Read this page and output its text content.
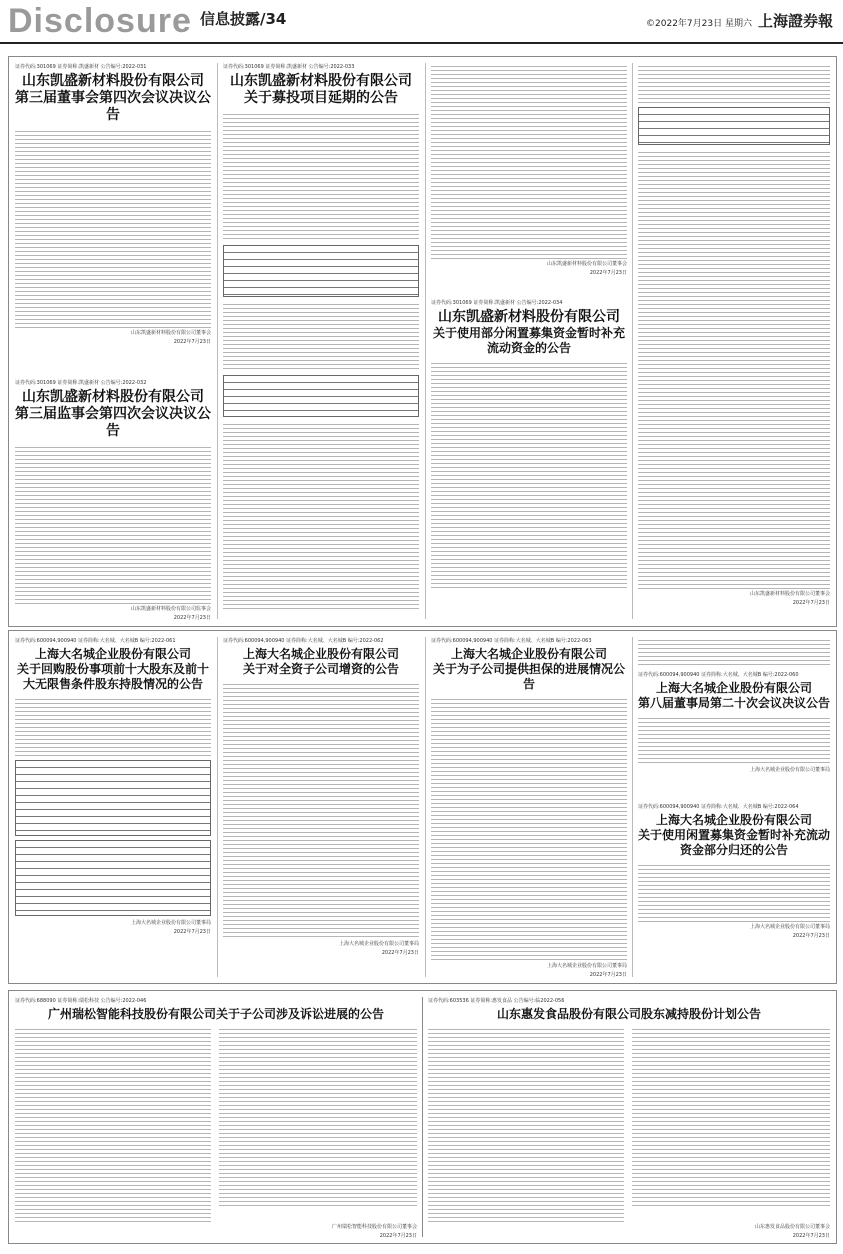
Disclosure 信息披露/34	©2022年7月23日 星期六 上海證券報
证券代码:301069 证券简称:凯盛新材 公告编号:2022-031
山东凯盛新材料股份有限公司
第三届董事会第四次会议决议公告
山东凯盛新材料股份有限公司董事会
2022年7月23日
证券代码:301069 证券简称:凯盛新材 公告编号:2022-032
山东凯盛新材料股份有限公司
第三届监事会第四次会议决议公告
山东凯盛新材料股份有限公司监事会
2022年7月23日
证券代码:301069 证券简称:凯盛新材 公告编号:2022-033
山东凯盛新材料股份有限公司
关于募投项目延期的公告
山东凯盛新材料股份有限公司董事会
2022年7月23日
证券代码:301069 证券简称:凯盛新材 公告编号:2022-034
山东凯盛新材料股份有限公司
关于使用部分闲置募集资金暂时补充流动资金的公告
山东凯盛新材料股份有限公司董事会
2022年7月23日
证券代码:600094,900940 证券简称:大名城、大名城B 编号:2022-061
上海大名城企业股份有限公司
关于回购股份事项前十大股东及前十大无限售条件股东持股情况的公告
上海大名城企业股份有限公司董事局
2022年7月23日
证券代码:600094,900940 证券简称:大名城、大名城B 编号:2022-062
上海大名城企业股份有限公司
关于对全资子公司增资的公告
上海大名城企业股份有限公司董事局
2022年7月23日
证券代码:600094,900940 证券简称:大名城、大名城B 编号:2022-063
上海大名城企业股份有限公司
关于为子公司提供担保的进展情况公告
上海大名城企业股份有限公司董事局
2022年7月23日
证券代码:600094,900940 证券简称:大名城、大名城B 编号:2022-060
上海大名城企业股份有限公司
第八届董事局第二十次会议决议公告
上海大名城企业股份有限公司董事局
证券代码:600094,900940 证券简称:大名城、大名城B 编号:2022-064
上海大名城企业股份有限公司
关于使用闲置募集资金暂时补充流动资金部分归还的公告
上海大名城企业股份有限公司董事局
2022年7月23日
证券代码:688090 证券简称:瑞松科技 公告编号:2022-046
广州瑞松智能科技股份有限公司关于子公司涉及诉讼进展的公告
广州瑞松智能科技股份有限公司董事会
2022年7月23日
证券代码:603536 证券简称:惠发食品 公告编号:临2022-056
山东惠发食品股份有限公司股东减持股份计划公告
山东惠发食品股份有限公司董事会
2022年7月23日
